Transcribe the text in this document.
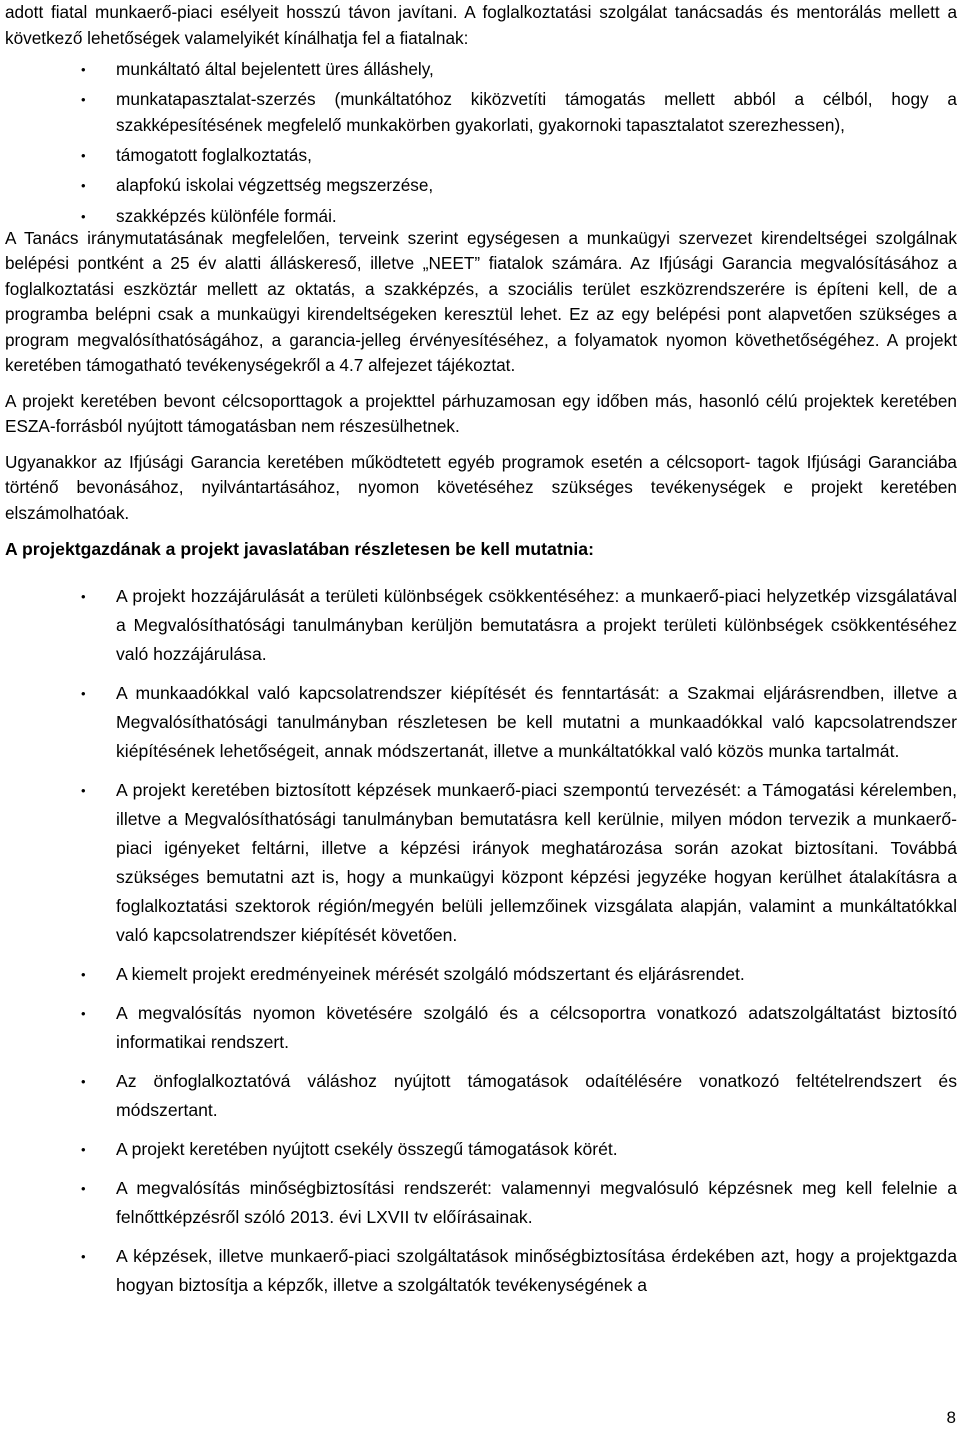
adott fiatal munkaerő-piaci esélyeit hosszú távon javítani. A foglalkoztatási szolgálat tanácsadás és mentorálás mellett a következő lehetőségek valamelyikét kínálhatja fel a fiatalnak:

• munkáltató által bejelentett üres álláshely,
• munkatapasztalat-szerzés (munkáltatóhoz kiközvetíti támogatás mellett abból a célból, hogy a szakképesítésének megfelelő munkakörben gyakorlati, gyakornoki tapasztalatot szerezhessen),
• támogatott foglalkoztatás,
• alapfokú iskolai végzettség megszerzése,
• szakképzés különféle formái.

A Tanács iránymutatásának megfelelően, terveink szerint egységesen a munkaügyi szervezet kirendeltségei szolgálnak belépési pontként a 25 év alatti álláskereső, illetve „NEET” fiatalok számára. Az Ifjúsági Garancia megvalósításához a foglalkoztatási eszköztár mellett az oktatás, a szakképzés, a szociális terület eszközrendszerére is építeni kell, de a programba belépni csak a munkaügyi kirendeltségeken keresztül lehet. Ez az egy belépési pont alapvetően szükséges a program megvalósíthatóságához, a garancia-jelleg érvényesítéséhez, a folyamatok nyomon követhetőségéhez. A projekt keretében támogatható tevékenységekről a 4.7 alfejezet tájékoztat.

A projekt keretében bevont célcsoporttagok a projekttel párhuzamosan egy időben más, hasonló célú projektek keretében ESZA-forrásból nyújtott támogatásban nem részesülhetnek.

Ugyanakkor az Ifjúsági Garancia keretében működtetett egyéb programok esetén a célcsoport- tagok Ifjúsági Garanciába történő bevonásához, nyilvántartásához, nyomon követéséhez szükséges tevékenységek e projekt keretében elszámolhatóak.

A projektgazdának a projekt javaslatában részletesen be kell mutatnia:

• A projekt hozzájárulását a területi különbségek csökkentéséhez: a munkaerő-piaci helyzetkép vizsgálatával a Megvalósíthatósági tanulmányban kerüljön bemutatásra a projekt területi különbségek csökkentéséhez való hozzájárulása.
• A munkaadókkal való kapcsolatrendszer kiépítését és fenntartását: a Szakmai eljárásrendben, illetve a Megvalósíthatósági tanulmányban részletesen be kell mutatni a munkaadókkal való kapcsolatrendszer kiépítésének lehetőségeit, annak módszertanát, illetve a munkáltatókkal való közös munka tartalmát.
• A projekt keretében biztosított képzések munkaerő-piaci szempontú tervezését: a Támogatási kérelemben, illetve a Megvalósíthatósági tanulmányban bemutatásra kell kerülnie, milyen módon tervezik a munkaerő-piaci igényeket feltárni, illetve a képzési irányok meghatározása során azokat biztosítani. Továbbá szükséges bemutatni azt is, hogy a munkaügyi központ képzési jegyzéke hogyan kerülhet átalakításra a foglalkoztatási szektorok régión/megyén belüli jellemzőinek vizsgálata alapján, valamint a munkáltatókkal való kapcsolatrendszer kiépítését követően.
• A kiemelt projekt eredményeinek mérését szolgáló módszertant és eljárásrendet.
• A megvalósítás nyomon követésére szolgáló és a célcsoportra vonatkozó adatszolgáltatást biztosító informatikai rendszert.
• Az önfoglalkoztatóvá váláshoz nyújtott támogatások odaítélésére vonatkozó feltételrendszert és módszertant.
• A projekt keretében nyújtott csekély összegű támogatások körét.
• A megvalósítás minőségbiztosítási rendszerét: valamennyi megvalósuló képzésnek meg kell felelnie a felnőttképzésről szóló 2013. évi LXVII tv előírásainak.
• A képzések, illetve munkaerő-piaci szolgáltatások minőségbiztosítása érdekében azt, hogy a projektgazda hogyan biztosítja a képzők, illetve a szolgáltatók tevékenységének a
8
